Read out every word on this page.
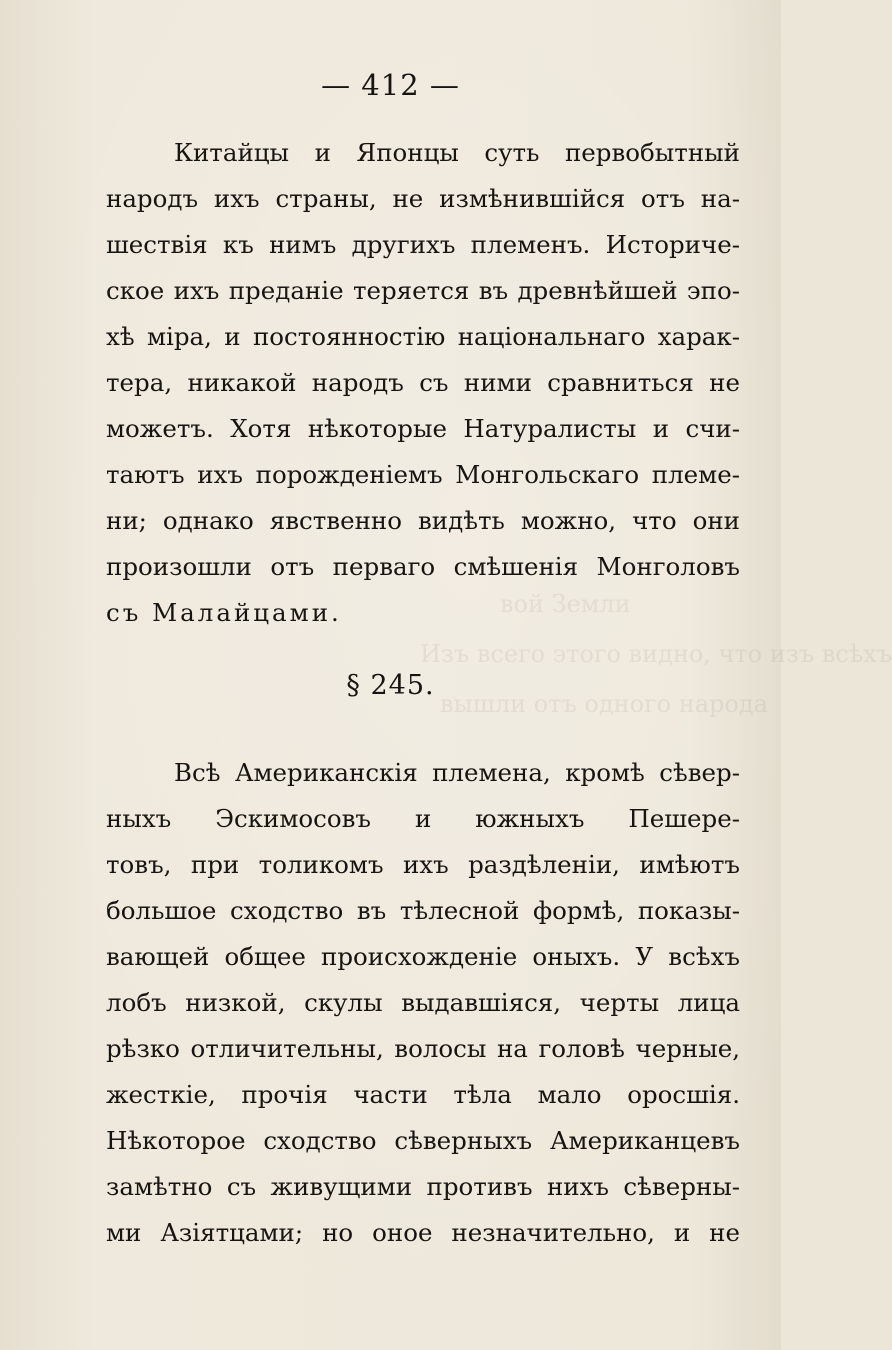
вой Земли
Изъ всего этого видно, что изъ всѣхъ
вышли отъ одного народа
— 412 —
Китайцы и Японцы суть первобытный
народъ ихъ страны, не измѣнившійся отъ на-
шествія къ нимъ другихъ племенъ. Историче-
ское ихъ преданіе теряется въ древнѣйшей эпо-
хѣ міра, и постоянностію національнаго харак-
тера, никакой народъ съ ними сравниться не
можетъ. Хотя нѣкоторые Натуралисты и счи-
таютъ ихъ порожденіемъ Монгольскаго племе-
ни; однако явственно видѣть можно, что они
произошли отъ перваго смѣшенія Монголовъ
съ Малайцами.
§ 245.
Всѣ Американскія племена, кромѣ сѣвер-
ныхъ Эскимосовъ и южныхъ Пешере-
товъ, при толикомъ ихъ раздѣленіи, имѣютъ
большое сходство въ тѣлесной формѣ, показы-
вающей общее происхожденіе оныхъ. У всѣхъ
лобъ низкой, скулы выдавшіяся, черты лица
рѣзко отличительны, волосы на головѣ черные,
жесткіе, прочія части тѣла мало оросшія.
Нѣкоторое сходство сѣверныхъ Американцевъ
замѣтно съ живущими противъ нихъ сѣверны-
ми Азіятцами; но оное незначительно, и не
